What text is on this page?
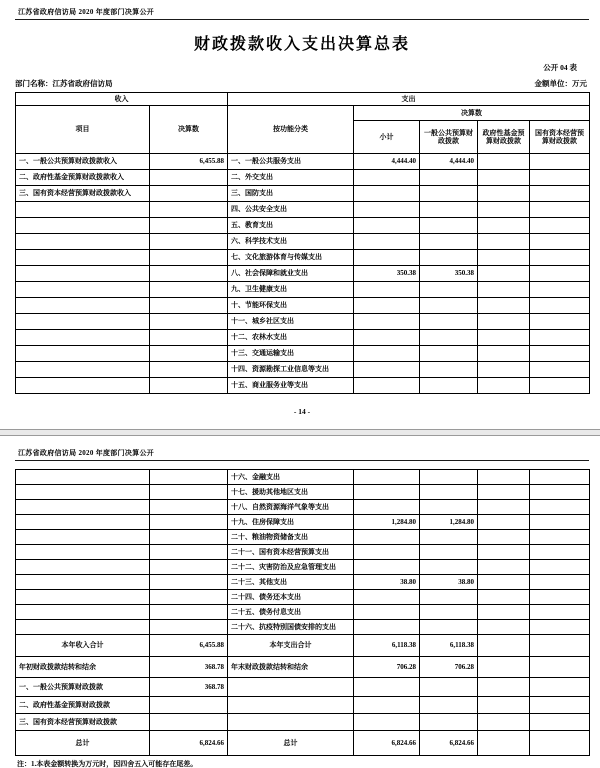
江苏省政府信访局 2020 年度部门决算公开
财政拨款收入支出决算总表
公开 04 表
部门名称：江苏省政府信访局	金额单位：万元
收入		支出				
项目	决算数	按功能分类	决算数			
			小计	一般公共预算财政拨款	政府性基金预算财政拨款	国有资本经营预算财政拨款
一、一般公共预算财政拨款收入	6,455.88	一、一般公共服务支出	4,444.40	4,444.40		
二、政府性基金预算财政拨款收入		二、外交支出				
三、国有资本经营预算财政拨款收入		三、国防支出				
		四、公共安全支出				
		五、教育支出				
		六、科学技术支出				
		七、文化旅游体育与传媒支出				
		八、社会保障和就业支出	350.38	350.38		
		九、卫生健康支出				
		十、节能环保支出				
		十一、城乡社区支出				
		十二、农林水支出				
		十三、交通运输支出				
		十四、资源勘探工业信息等支出				
		十五、商业服务业等支出				
- 14 -
江苏省政府信访局 2020 年度部门决算公开
		十六、金融支出				
		十七、援助其他地区支出				
		十八、自然资源海洋气象等支出				
		十九、住房保障支出	1,284.80	1,284.80		
		二十、粮油物资储备支出				
		二十一、国有资本经营预算支出				
		二十二、灾害防治及应急管理支出				
		二十三、其他支出	38.80	38.80		
		二十四、债务还本支出				
		二十五、债务付息支出				
		二十六、抗疫特别国债安排的支出				
本年收入合计	6,455.88	本年支出合计	6,118.38	6,118.38		
年初财政拨款结转和结余	368.78	年末财政拨款结转和结余	706.28	706.28		
一、一般公共预算财政拨款	368.78					
二、政府性基金预算财政拨款						
三、国有资本经营预算财政拨款						
总计	6,824.66	总计	6,824.66	6,824.66		
注：1.本表金额转换为万元时，因四舍五入可能存在尾差。
